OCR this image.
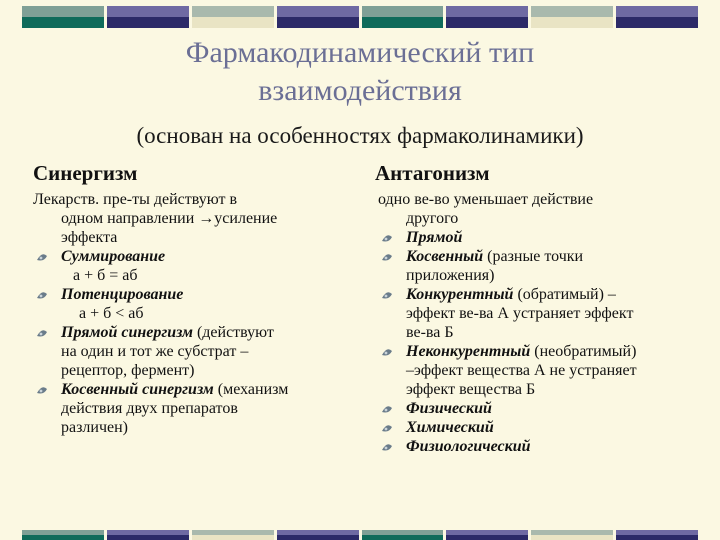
Фармакодинамический тип
взаимодействия
(основан на особенностях фармаколинамики)
Синергизм	Антагонизм
Лекарств. пре-ты действуют в
одном направлении →усиление
эффекта
Суммирование
а + б = аб
Потенцирование
а + б < аб
Прямой синергизм (действуют
на один и тот же субстрат –
рецептор, фермент)
Косвенный синергизм (механизм
действия двух препаратов
различен)
одно ве-во уменьшает действие
другого
Прямой
Косвенный (разные точки
приложения)
Конкурентный (обратимый) –
эффект ве-ва А устраняет эффект
ве-ва Б
Неконкурентный (необратимый)
–эффект вещества А не устраняет
эффект вещества Б
Физический
Химический
Физиологический
